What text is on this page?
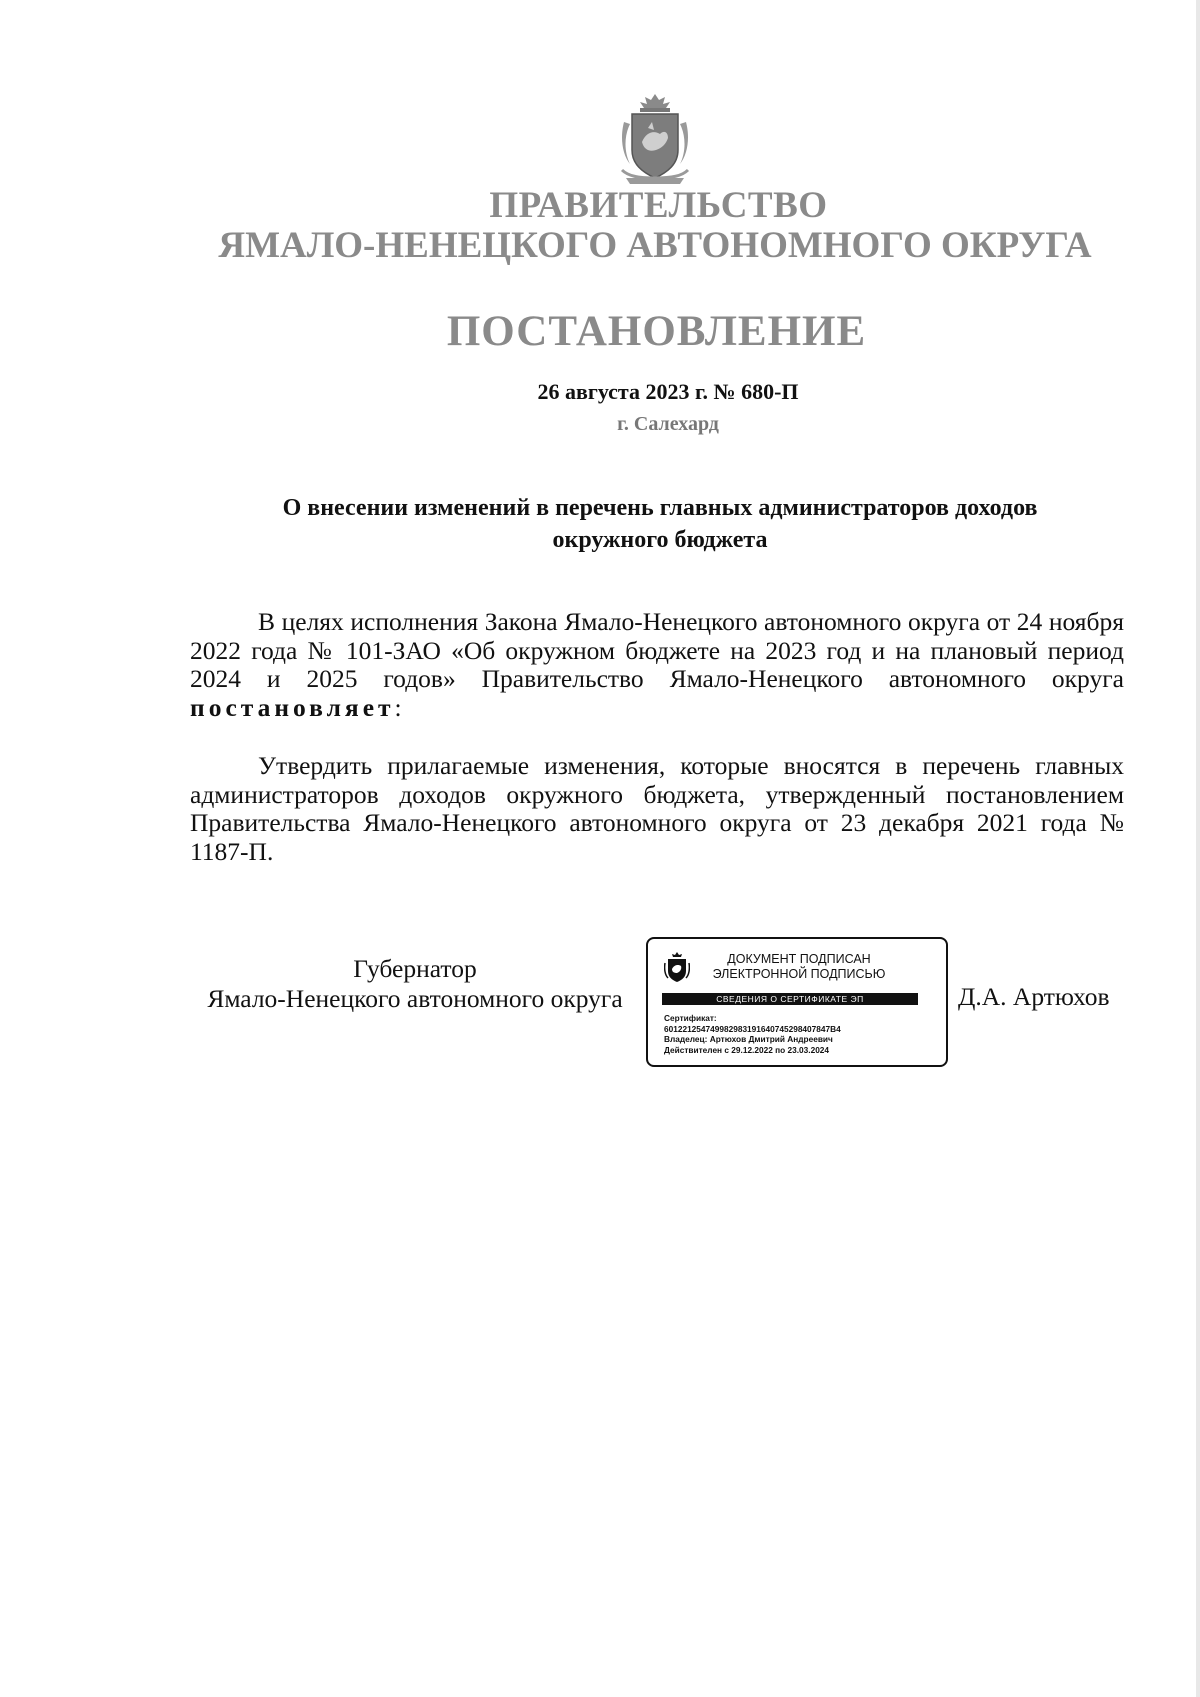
ПРАВИТЕЛЬСТВО
ЯМАЛО-НЕНЕЦКОГО АВТОНОМНОГО ОКРУГА
ПОСТАНОВЛЕНИЕ
26 августа 2023 г. № 680-П
г. Салехард
О внесении изменений в перечень главных администраторов доходов
окружного бюджета
В целях исполнения Закона Ямало-Ненецкого автономного округа от 24 ноября 2022 года № 101-ЗАО «Об окружном бюджете на 2023 год и на плановый период 2024 и 2025 годов» Правительство Ямало-Ненецкого автономного округа постановляет:
Утвердить прилагаемые изменения, которые вносятся в перечень главных администраторов доходов окружного бюджета, утвержденный постановлением Правительства Ямало-Ненецкого автономного округа от 23 декабря 2021 года № 1187-П.
Губернатор
Ямало-Ненецкого автономного округа
ДОКУМЕНТ ПОДПИСАН
ЭЛЕКТРОННОЙ ПОДПИСЬЮ
СВЕДЕНИЯ О СЕРТИФИКАТЕ ЭП
Сертификат:
601221254749982983191640745298407847В4
Владелец: Артюхов Дмитрий Андреевич
Действителен с 29.12.2022 по 23.03.2024
Д.А. Артюхов
